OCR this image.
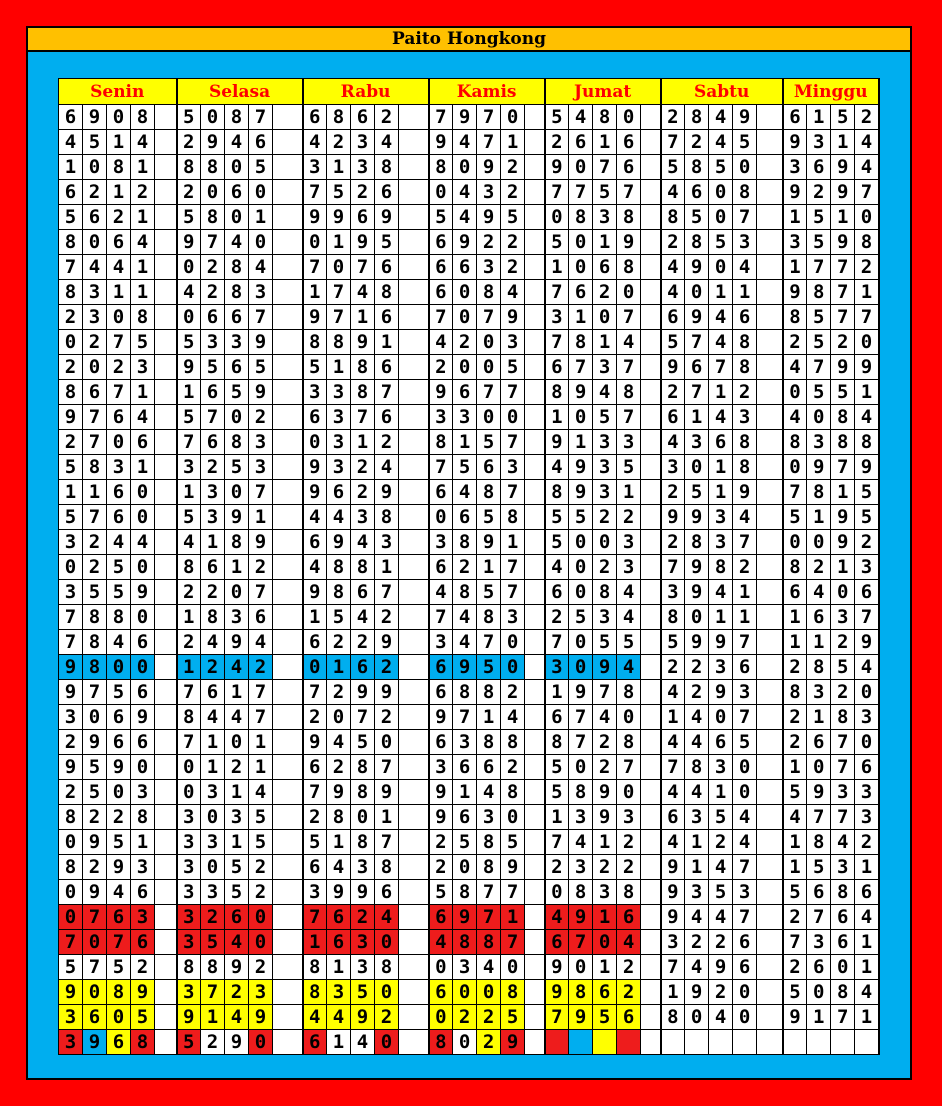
Paito Hongkong
Senin					Selasa					Rabu					Kamis					Jumat					Sabtu					Minggu			
6	9	0	8		5	0	8	7		6	8	6	2		7	9	7	0		5	4	8	0		2	8	4	9		6	1	5	2
4	5	1	4		2	9	4	6		4	2	3	4		9	4	7	1		2	6	1	6		7	2	4	5		9	3	1	4
1	0	8	1		8	8	0	5		3	1	3	8		8	0	9	2		9	0	7	6		5	8	5	0		3	6	9	4
6	2	1	2		2	0	6	0		7	5	2	6		0	4	3	2		7	7	5	7		4	6	0	8		9	2	9	7
5	6	2	1		5	8	0	1		9	9	6	9		5	4	9	5		0	8	3	8		8	5	0	7		1	5	1	0
8	0	6	4		9	7	4	0		0	1	9	5		6	9	2	2		5	0	1	9		2	8	5	3		3	5	9	8
7	4	4	1		0	2	8	4		7	0	7	6		6	6	3	2		1	0	6	8		4	9	0	4		1	7	7	2
8	3	1	1		4	2	8	3		1	7	4	8		6	0	8	4		7	6	2	0		4	0	1	1		9	8	7	1
2	3	0	8		0	6	6	7		9	7	1	6		7	0	7	9		3	1	0	7		6	9	4	6		8	5	7	7
0	2	7	5		5	3	3	9		8	8	9	1		4	2	0	3		7	8	1	4		5	7	4	8		2	5	2	0
2	0	2	3		9	5	6	5		5	1	8	6		2	0	0	5		6	7	3	7		9	6	7	8		4	7	9	9
8	6	7	1		1	6	5	9		3	3	8	7		9	6	7	7		8	9	4	8		2	7	1	2		0	5	5	1
9	7	6	4		5	7	0	2		6	3	7	6		3	3	0	0		1	0	5	7		6	1	4	3		4	0	8	4
2	7	0	6		7	6	8	3		0	3	1	2		8	1	5	7		9	1	3	3		4	3	6	8		8	3	8	8
5	8	3	1		3	2	5	3		9	3	2	4		7	5	6	3		4	9	3	5		3	0	1	8		0	9	7	9
1	1	6	0		1	3	0	7		9	6	2	9		6	4	8	7		8	9	3	1		2	5	1	9		7	8	1	5
5	7	6	0		5	3	9	1		4	4	3	8		0	6	5	8		5	5	2	2		9	9	3	4		5	1	9	5
3	2	4	4		4	1	8	9		6	9	4	3		3	8	9	1		5	0	0	3		2	8	3	7		0	0	9	2
0	2	5	0		8	6	1	2		4	8	8	1		6	2	1	7		4	0	2	3		7	9	8	2		8	2	1	3
3	5	5	9		2	2	0	7		9	8	6	7		4	8	5	7		6	0	8	4		3	9	4	1		6	4	0	6
7	8	8	0		1	8	3	6		1	5	4	2		7	4	8	3		2	5	3	4		8	0	1	1		1	6	3	7
7	8	4	6		2	4	9	4		6	2	2	9		3	4	7	0		7	0	5	5		5	9	9	7		1	1	2	9
9	8	0	0		1	2	4	2		0	1	6	2		6	9	5	0		3	0	9	4		2	2	3	6		2	8	5	4
9	7	5	6		7	6	1	7		7	2	9	9		6	8	8	2		1	9	7	8		4	2	9	3		8	3	2	0
3	0	6	9		8	4	4	7		2	0	7	2		9	7	1	4		6	7	4	0		1	4	0	7		2	1	8	3
2	9	6	6		7	1	0	1		9	4	5	0		6	3	8	8		8	7	2	8		4	4	6	5		2	6	7	0
9	5	9	0		0	1	2	1		6	2	8	7		3	6	6	2		5	0	2	7		7	8	3	0		1	0	7	6
2	5	0	3		0	3	1	4		7	9	8	9		9	1	4	8		5	8	9	0		4	4	1	0		5	9	3	3
8	2	2	8		3	0	3	5		2	8	0	1		9	6	3	0		1	3	9	3		6	3	5	4		4	7	7	3
0	9	5	1		3	3	1	5		5	1	8	7		2	5	8	5		7	4	1	2		4	1	2	4		1	8	4	2
8	2	9	3		3	0	5	2		6	4	3	8		2	0	8	9		2	3	2	2		9	1	4	7		1	5	3	1
0	9	4	6		3	3	5	2		3	9	9	6		5	8	7	7		0	8	3	8		9	3	5	3		5	6	8	6
0	7	6	3		3	2	6	0		7	6	2	4		6	9	7	1		4	9	1	6		9	4	4	7		2	7	6	4
7	0	7	6		3	5	4	0		1	6	3	0		4	8	8	7		6	7	0	4		3	2	2	6		7	3	6	1
5	7	5	2		8	8	9	2		8	1	3	8		0	3	4	0		9	0	1	2		7	4	9	6		2	6	0	1
9	0	8	9		3	7	2	3		8	3	5	0		6	0	0	8		9	8	6	2		1	9	2	0		5	0	8	4
3	6	0	5		9	1	4	9		4	4	9	2		0	2	2	5		7	9	5	6		8	0	4	0		9	1	7	1
3	9	6	8		5	2	9	0		6	1	4	0		8	0	2	9															
